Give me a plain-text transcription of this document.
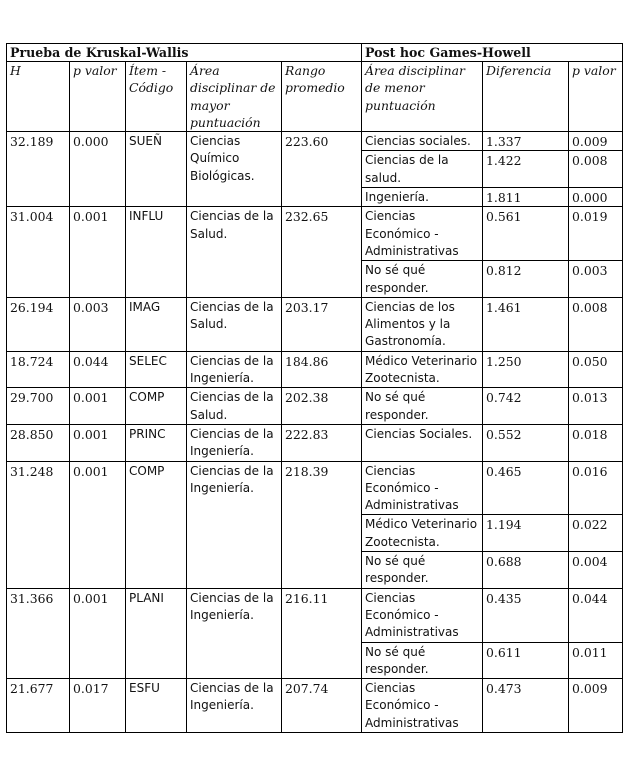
Prueba de Kruskal-Wallis					Post hoc Games-Howell		
H	p valor	Ítem - Código	Área disciplinar de mayor puntuación	Rango promedio	Área disciplinar de menor puntuación	Diferencia	p valor
32.189	0.000	SUEÑ	Ciencias Químico Biológicas.	223.60	Ciencias sociales.	1.337	0.009
					Ciencias de la salud.	1.422	0.008
					Ingeniería.	1.811	0.000
31.004	0.001	INFLU	Ciencias de la Salud.	232.65	Ciencias Económico - Administrativas	0.561	0.019
					No sé qué responder.	0.812	0.003
26.194	0.003	IMAG	Ciencias de la Salud.	203.17	Ciencias de los Alimentos y la Gastronomía.	1.461	0.008
18.724	0.044	SELEC	Ciencias de la Ingeniería.	184.86	Médico Veterinario Zootecnista.	1.250	0.050
29.700	0.001	COMP	Ciencias de la Salud.	202.38	No sé qué responder.	0.742	0.013
28.850	0.001	PRINC	Ciencias de la Ingeniería.	222.83	Ciencias Sociales.	0.552	0.018
31.248	0.001	COMP	Ciencias de la Ingeniería.	218.39	Ciencias Económico - Administrativas	0.465	0.016
					Médico Veterinario Zootecnista.	1.194	0.022
					No sé qué responder.	0.688	0.004
31.366	0.001	PLANI	Ciencias de la Ingeniería.	216.11	Ciencias Económico - Administrativas	0.435	0.044
					No sé qué responder.	0.611	0.011
21.677	0.017	ESFU	Ciencias de la Ingeniería.	207.74	Ciencias Económico - Administrativas	0.473	0.009
